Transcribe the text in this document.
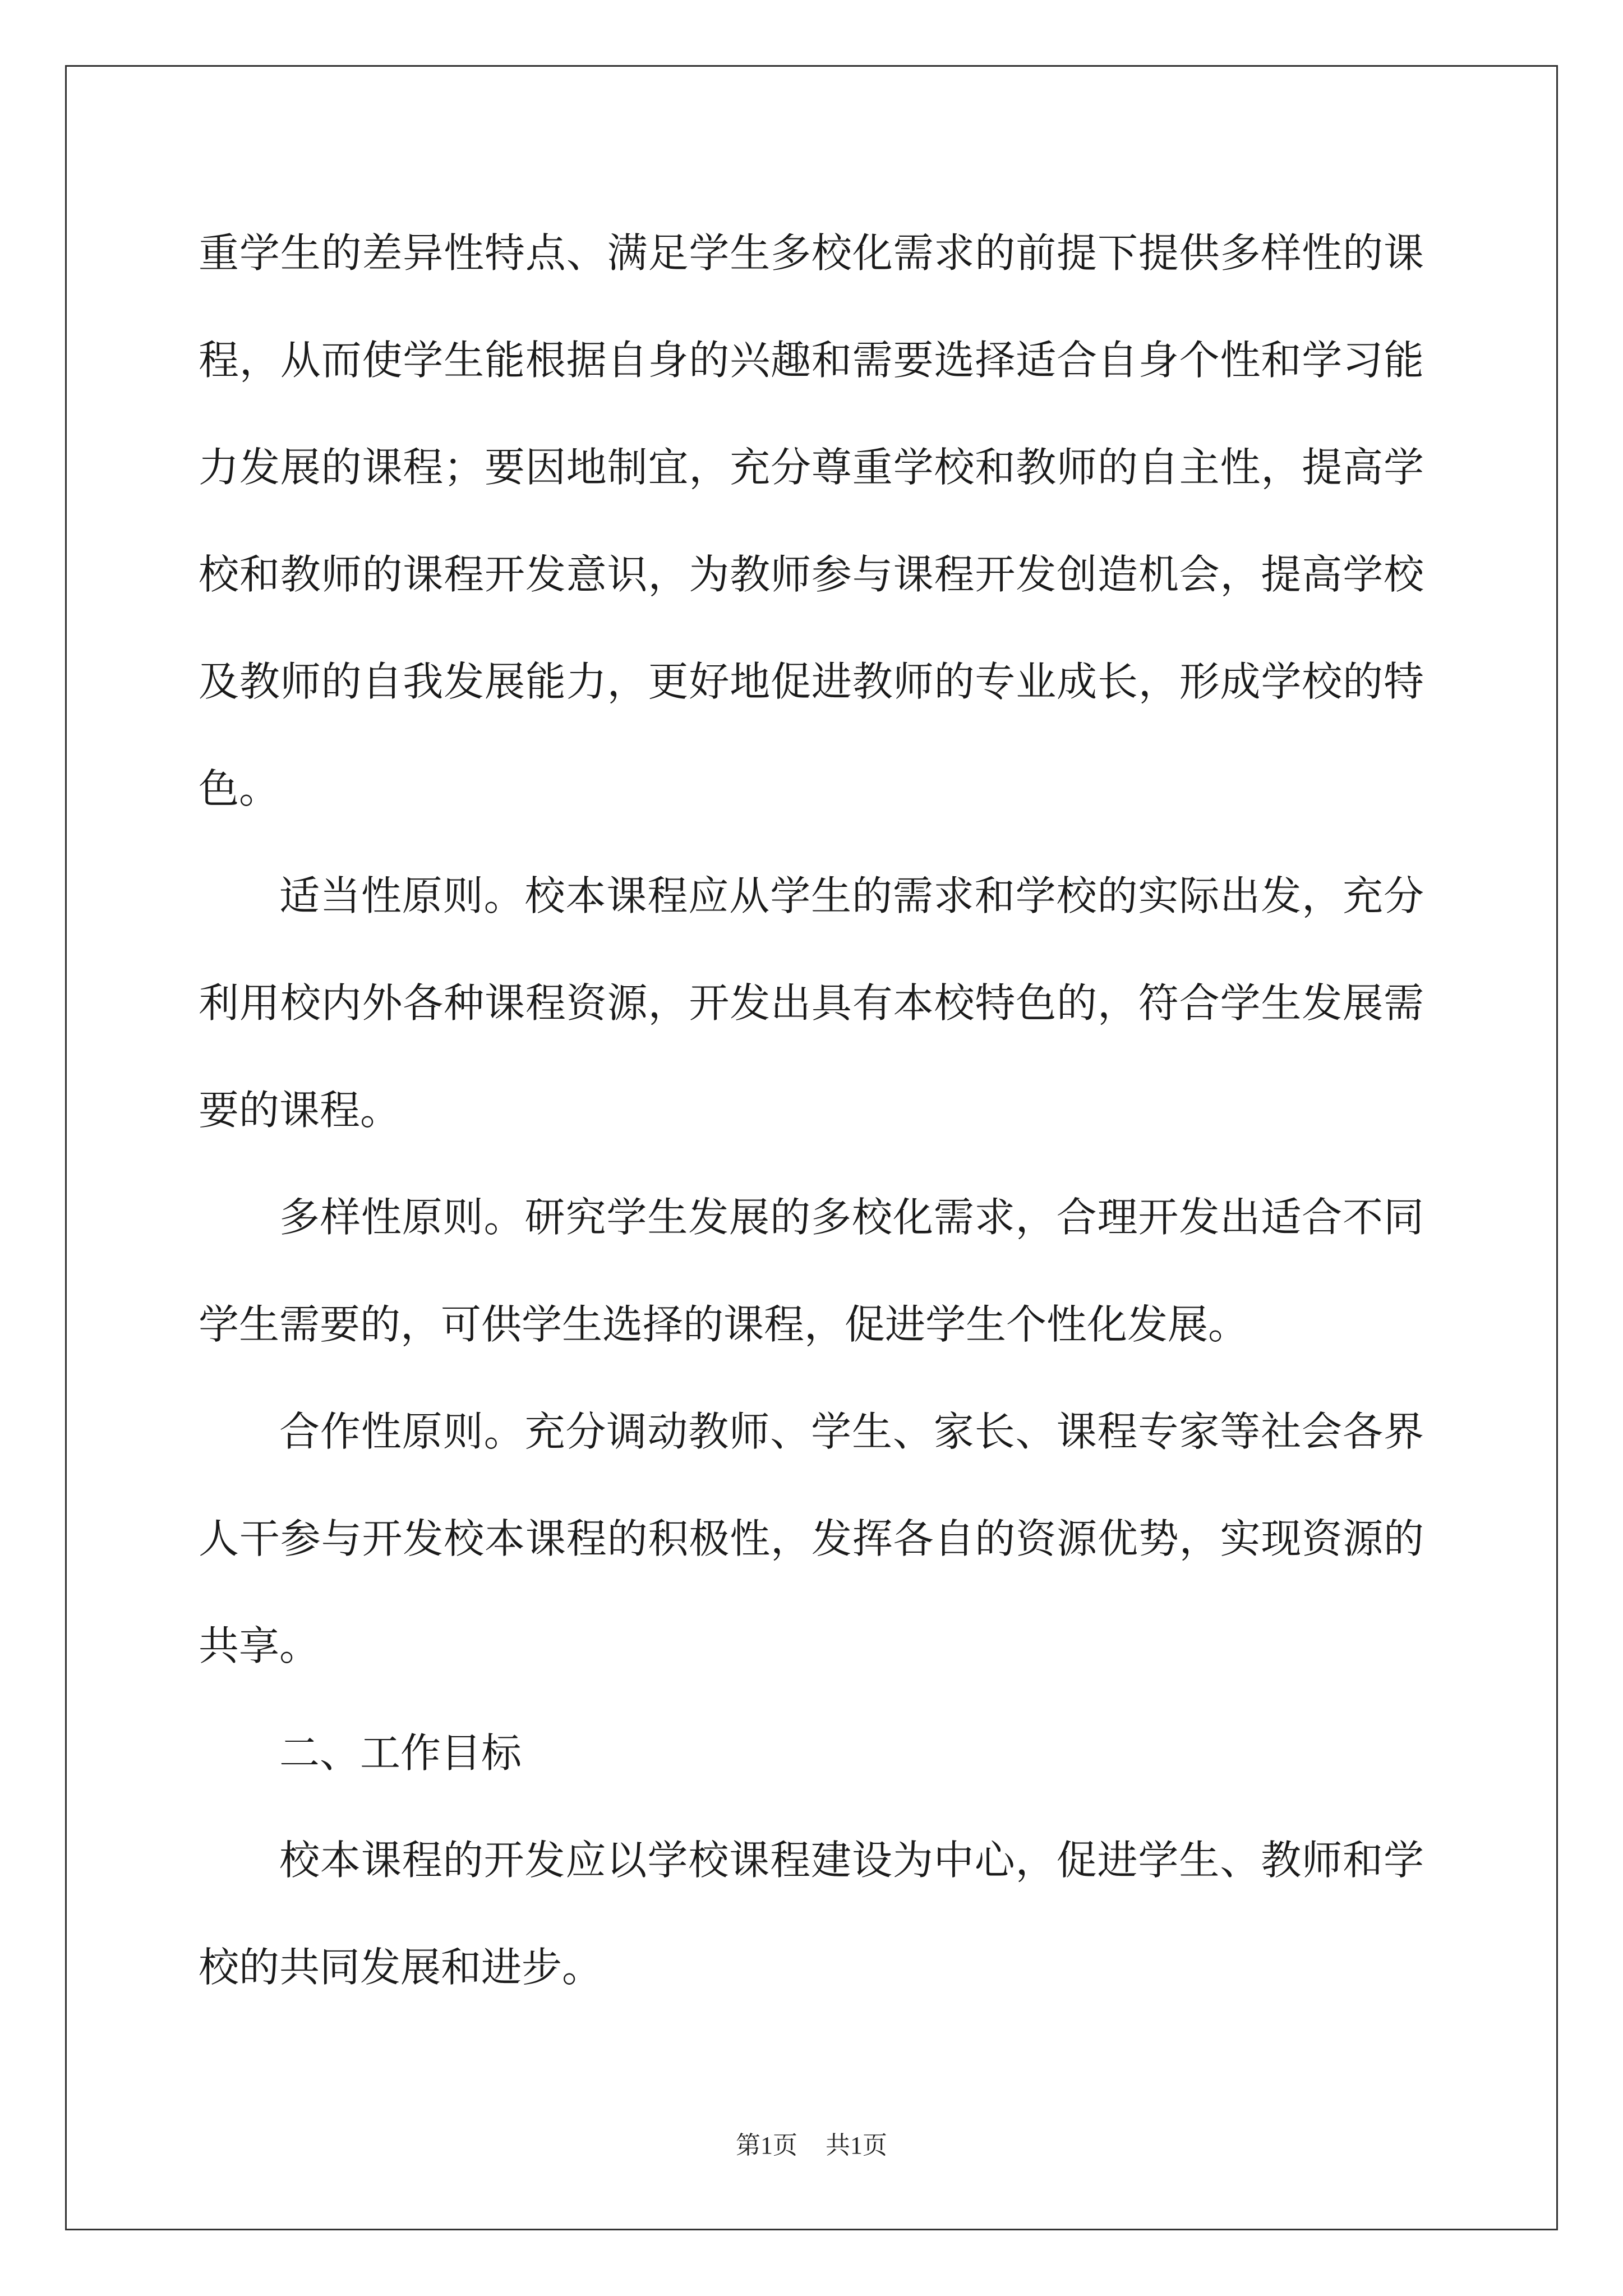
重学生的差异性特点、满足学生多校化需求的前提下提供多样性的课程，从而使学生能根据自身的兴趣和需要选择适合自身个性和学习能力发展的课程；要因地制宜，充分尊重学校和教师的自主性，提高学校和教师的课程开发意识，为教师参与课程开发创造机会，提高学校及教师的自我发展能力，更好地促进教师的专业成长，形成学校的特色。

适当性原则。校本课程应从学生的需求和学校的实际出发，充分利用校内外各种课程资源，开发出具有本校特色的，符合学生发展需要的课程。

多样性原则。研究学生发展的多校化需求，合理开发出适合不同学生需要的，可供学生选择的课程，促进学生个性化发展。

合作性原则。充分调动教师、学生、家长、课程专家等社会各界人干参与开发校本课程的积极性，发挥各自的资源优势，实现资源的共享。

二、工作目标

校本课程的开发应以学校课程建设为中心，促进学生、教师和学校的共同发展和进步。

第1页 共1页
